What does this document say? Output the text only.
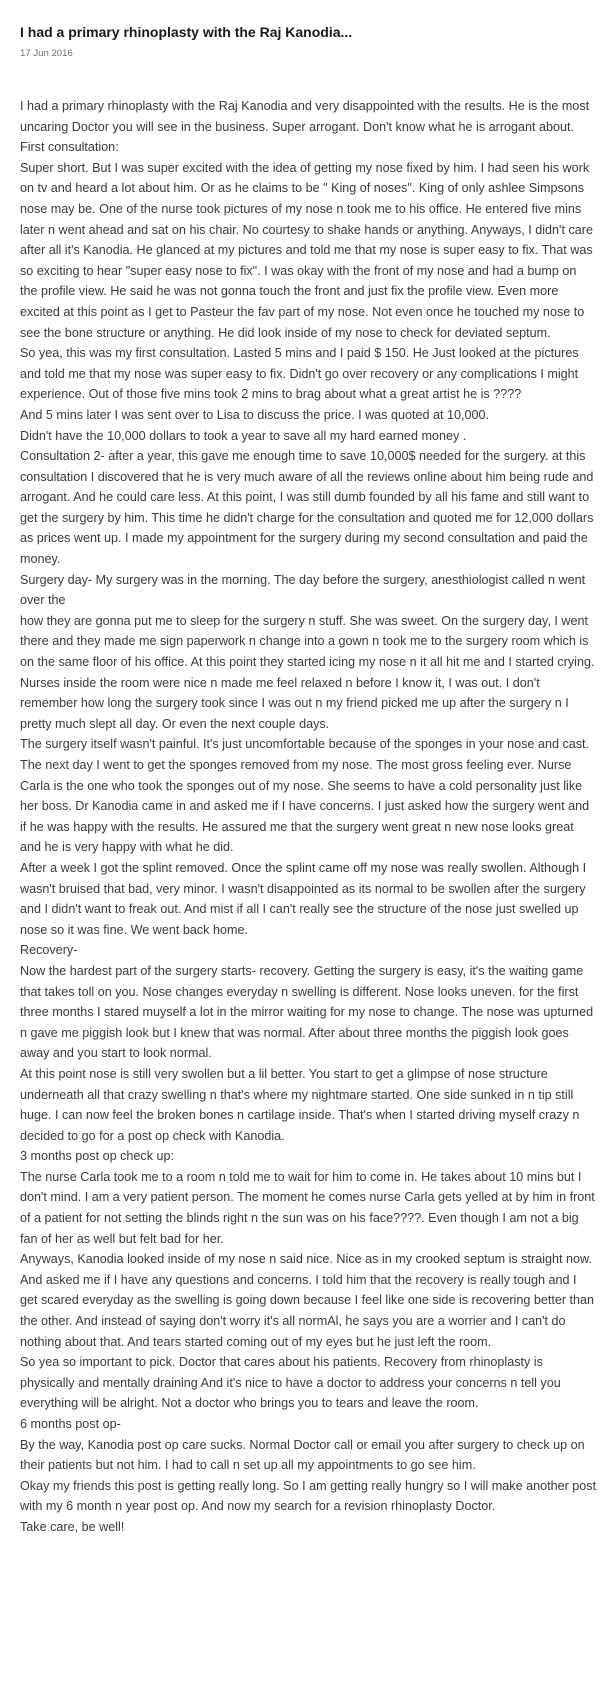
I had a primary rhinoplasty with the Raj Kanodia...
17 Jun 2016

I had a primary rhinoplasty with the Raj Kanodia and very disappointed with the results. He is the most uncaring Doctor you will see in the business. Super arrogant. Don't know what he is arrogant about.

First consultation:

Super short. But I was super excited with the idea of getting my nose fixed by him. I had seen his work on tv and heard a lot about him. Or as he claims to be " King of noses". King of only ashlee Simpsons nose may be. One of the nurse took pictures of my nose n took me to his office. He entered five mins later n went ahead and sat on his chair. No courtesy to shake hands or anything. Anyways, I didn't care after all it's Kanodia. He glanced at my pictures and told me that my nose is super easy to fix. That was so exciting to hear "super easy nose to fix". I was okay with the front of my nose and had a bump on the profile view. He said he was not gonna touch the front and just fix the profile view. Even more excited at this point as I get to Pasteur the fav part of my nose. Not even once he touched my nose to see the bone structure or anything. He did look inside of my nose to check for deviated septum.

So yea, this was my first consultation. Lasted 5 mins and I paid $ 150. He Just looked at the pictures and told me that my nose was super easy to fix. Didn't go over recovery or any complications I might experience. Out of those five mins took 2 mins to brag about what a great artist he is ????

And 5 mins later I was sent over to Lisa to discuss the price. I was quoted at 10,000.

Didn't have the 10,000 dollars to took a year to save all my hard earned money .

Consultation 2- after a year, this gave me enough time to save 10,000$ needed for the surgery. at this consultation I discovered that he is very much aware of all the reviews online about him being rude and arrogant. And he could care less. At this point, I was still dumb founded by all his fame and still want to get the surgery by him. This time he didn't charge for the consultation and quoted me for 12,000 dollars as prices went up. I made my appointment for the surgery during my second consultation and paid the money.

Surgery day- My surgery was in the morning. The day before the surgery, anesthiologist called n went over the

how they are gonna put me to sleep for the surgery n stuff. She was sweet. On the surgery day, I went there and they made me sign paperwork n change into a gown n took me to the surgery room which is on the same floor of his office. At this point they started icing my nose n it all hit me and I started crying. Nurses inside the room were nice n made me feel relaxed n before I know it, I was out. I don't remember how long the surgery took since I was out n my friend picked me up after the surgery n I pretty much slept all day. Or even the next couple days.

The surgery itself wasn't painful. It's just uncomfortable because of the sponges in your nose and cast.

The next day I went to get the sponges removed from my nose. The most gross feeling ever. Nurse Carla is the one who took the sponges out of my nose. She seems to have a cold personality just like her boss. Dr Kanodia came in and asked me if I have concerns. I just asked how the surgery went and if he was happy with the results. He assured me that the surgery went great n new nose looks great and he is very happy with what he did.

After a week I got the splint removed. Once the splint came off my nose was really swollen. Although I wasn't bruised that bad, very minor. I wasn't disappointed as its normal to be swollen after the surgery and I didn't want to freak out. And mist if all I can't really see the structure of the nose just swelled up nose so it was fine. We went back home.

Recovery-

Now the hardest part of the surgery starts- recovery. Getting the surgery is easy, it's the waiting game that takes toll on you. Nose changes everyday n swelling is different. Nose looks uneven. for the first three months I stared muyself a lot in the mirror waiting for my nose to change. The nose was upturned n gave me piggish look but I knew that was normal. After about three months the piggish look goes away and you start to look normal.

At this point nose is still very swollen but a lil better. You start to get a glimpse of nose structure underneath all that crazy swelling n that's where my nightmare started. One side sunked in n tip still huge. I can now feel the broken bones n cartilage inside. That's when I started driving myself crazy n decided to go for a post op check with Kanodia.

3 months post op check up:

The nurse Carla took me to a room n told me to wait for him to come in. He takes about 10 mins but I don't mind. I am a very patient person. The moment he comes nurse Carla gets yelled at by him in front of a patient for not setting the blinds right n the sun was on his face????. Even though I am not a big fan of her as well but felt bad for her.

Anyways, Kanodia looked inside of my nose n said nice. Nice as in my crooked septum is straight now. And asked me if I have any questions and concerns. I told him that the recovery is really tough and I get scared everyday as the swelling is going down because I feel like one side is recovering better than the other. And instead of saying don't worry it's all normAl, he says you are a worrier and I can't do nothing about that. And tears started coming out of my eyes but he just left the room.

So yea so important to pick. Doctor that cares about his patients. Recovery from rhinoplasty is physically and mentally draining And it's nice to have a doctor to address your concerns n tell you everything will be alright. Not a doctor who brings you to tears and leave the room.

6 months post op-

By the way, Kanodia post op care sucks. Normal Doctor call or email you after surgery to check up on their patients but not him. I had to call n set up all my appointments to go see him.

Okay my friends this post is getting really long. So I am getting really hungry so I will make another post with my 6 month n year post op. And now my search for a revision rhinoplasty Doctor.

Take care, be well!
